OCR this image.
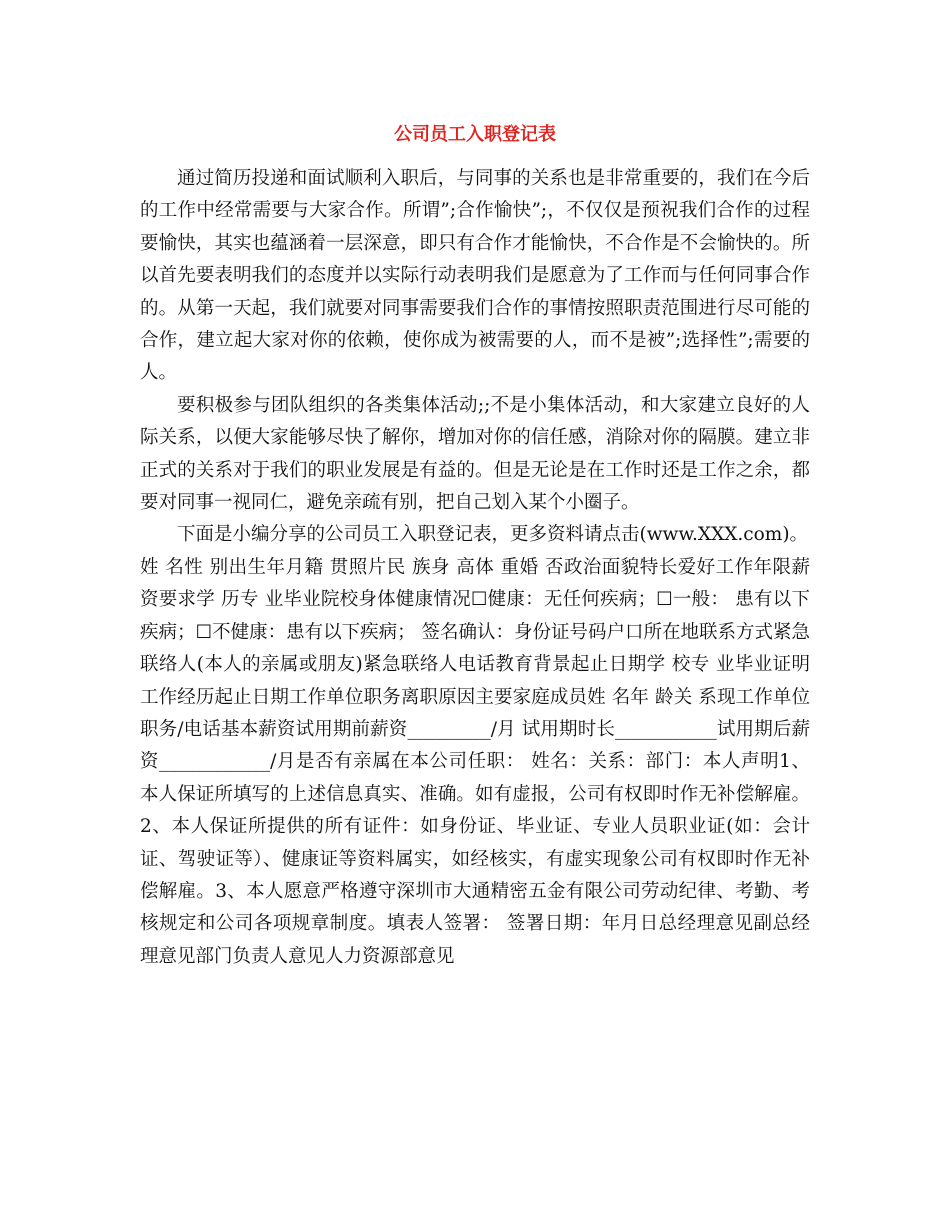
公司员工入职登记表

通过简历投递和面试顺利入职后，与同事的关系也是非常重要的，我们在今后的工作中经常需要与大家合作。所谓”;合作愉快”;，不仅仅是预祝我们合作的过程要愉快，其实也蕴涵着一层深意，即只有合作才能愉快，不合作是不会愉快的。所以首先要表明我们的态度并以实际行动表明我们是愿意为了工作而与任何同事合作的。从第一天起，我们就要对同事需要我们合作的事情按照职责范围进行尽可能的合作，建立起大家对你的依赖，使你成为被需要的人，而不是被”;选择性”;需要的人。

要积极参与团队组织的各类集体活动;;不是小集体活动，和大家建立良好的人际关系，以便大家能够尽快了解你，增加对你的信任感，消除对你的隔膜。建立非正式的关系对于我们的职业发展是有益的。但是无论是在工作时还是工作之余，都要对同事一视同仁，避免亲疏有别，把自己划入某个小圈子。

下面是小编分享的公司员工入职登记表，更多资料请点击(www.XXX.com)。

姓 名性 别出生年月籍 贯照片民 族身 高体 重婚 否政治面貌特长爱好工作年限薪资要求学 历专 业毕业院校身体健康情况☐健康：无任何疾病；☐一般： 患有以下疾病；☐不健康：患有以下疾病； 签名确认：身份证号码户口所在地联系方式紧急联络人(本人的亲属或朋友)紧急联络人电话教育背景起止日期学 校专 业毕业证明工作经历起止日期工作单位职务离职原因主要家庭成员姓 名年 龄关 系现工作单位职务/电话基本薪资试用期前薪资_________/月 试用期时长___________试用期后薪资____________/月是否有亲属在本公司任职： 姓名：关系：部门：本人声明1、本人保证所填写的上述信息真实、准确。如有虚报，公司有权即时作无补偿解雇。2、本人保证所提供的所有证件：如身份证、毕业证、专业人员职业证(如：会计证、驾驶证等）、健康证等资料属实，如经核实，有虚实现象公司有权即时作无补偿解雇。3、本人愿意严格遵守深圳市大通精密五金有限公司劳动纪律、考勤、考核规定和公司各项规章制度。填表人签署： 签署日期：年月日总经理意见副总经理意见部门负责人意见人力资源部意见
